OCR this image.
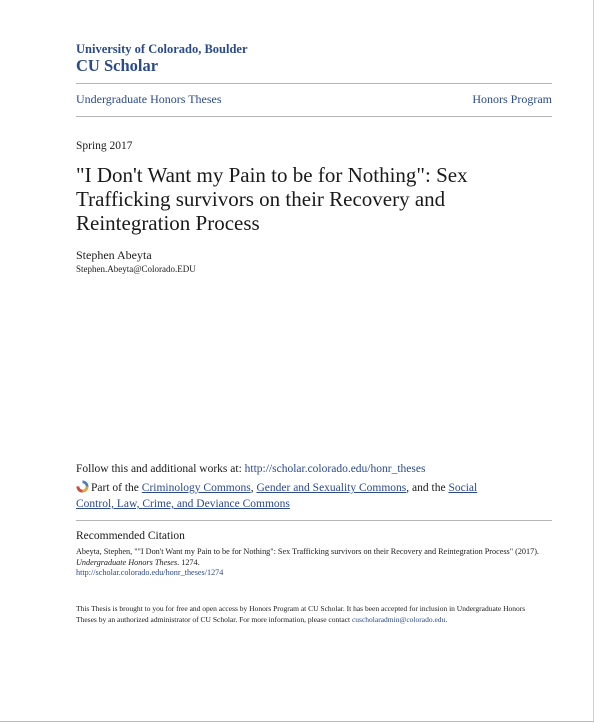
University of Colorado, Boulder
CU Scholar
Undergraduate Honors Theses	Honors Program
Spring 2017
"I Don't Want my Pain to be for Nothing": Sex Trafficking survivors on their Recovery and Reintegration Process
Stephen Abeyta
Stephen.Abeyta@Colorado.EDU
Follow this and additional works at: http://scholar.colorado.edu/honr_theses
Part of the Criminology Commons, Gender and Sexuality Commons, and the Social Control, Law, Crime, and Deviance Commons
Recommended Citation
Abeyta, Stephen, ""I Don't Want my Pain to be for Nothing": Sex Trafficking survivors on their Recovery and Reintegration Process" (2017). Undergraduate Honors Theses. 1274.
http://scholar.colorado.edu/honr_theses/1274
This Thesis is brought to you for free and open access by Honors Program at CU Scholar. It has been accepted for inclusion in Undergraduate Honors Theses by an authorized administrator of CU Scholar. For more information, please contact cuscholaradmin@colorado.edu.
